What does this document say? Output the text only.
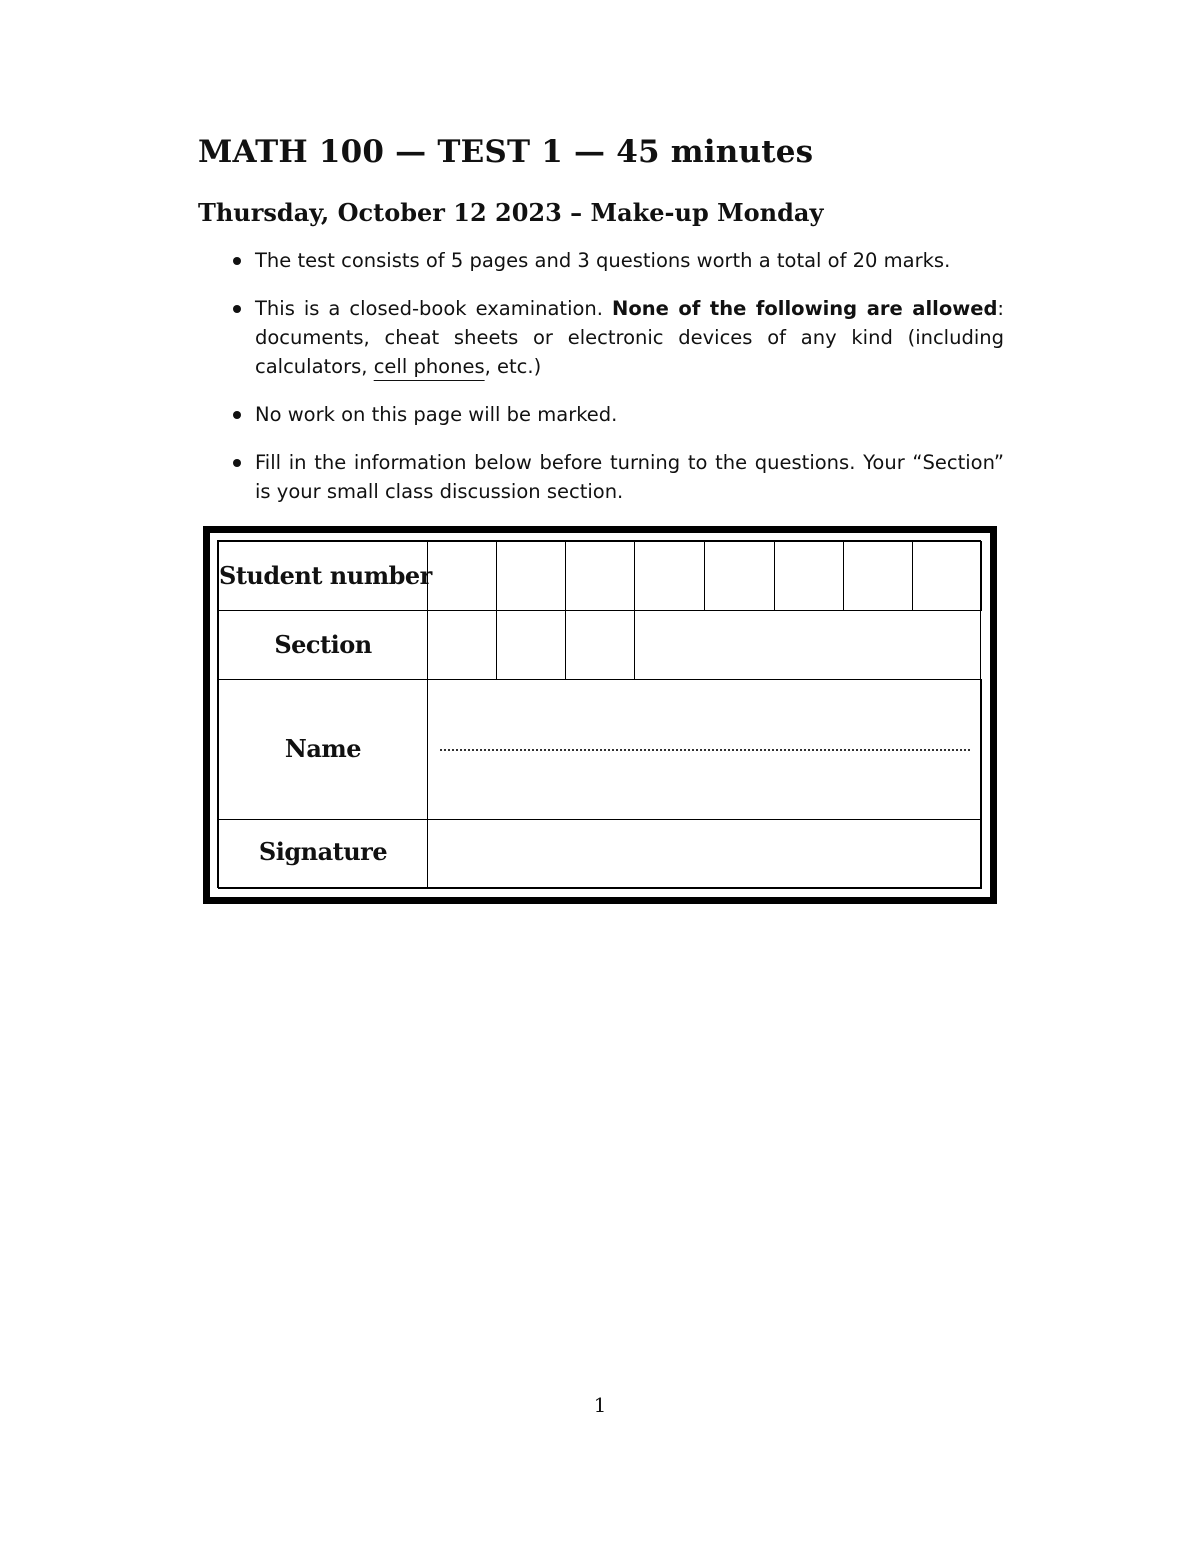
MATH 100 — TEST 1 — 45 minutes
Thursday, October 12 2023 – Make-up Monday
The test consists of 5 pages and 3 questions worth a total of 20 marks.
This is a closed-book examination. None of the following are allowed: documents, cheat sheets or electronic devices of any kind (including calculators, cell phones, etc.)
No work on this page will be marked.
Fill in the information below before turning to the questions. Your “Section” is your small class discussion section.
Student number
Section
Name
Signature
1
